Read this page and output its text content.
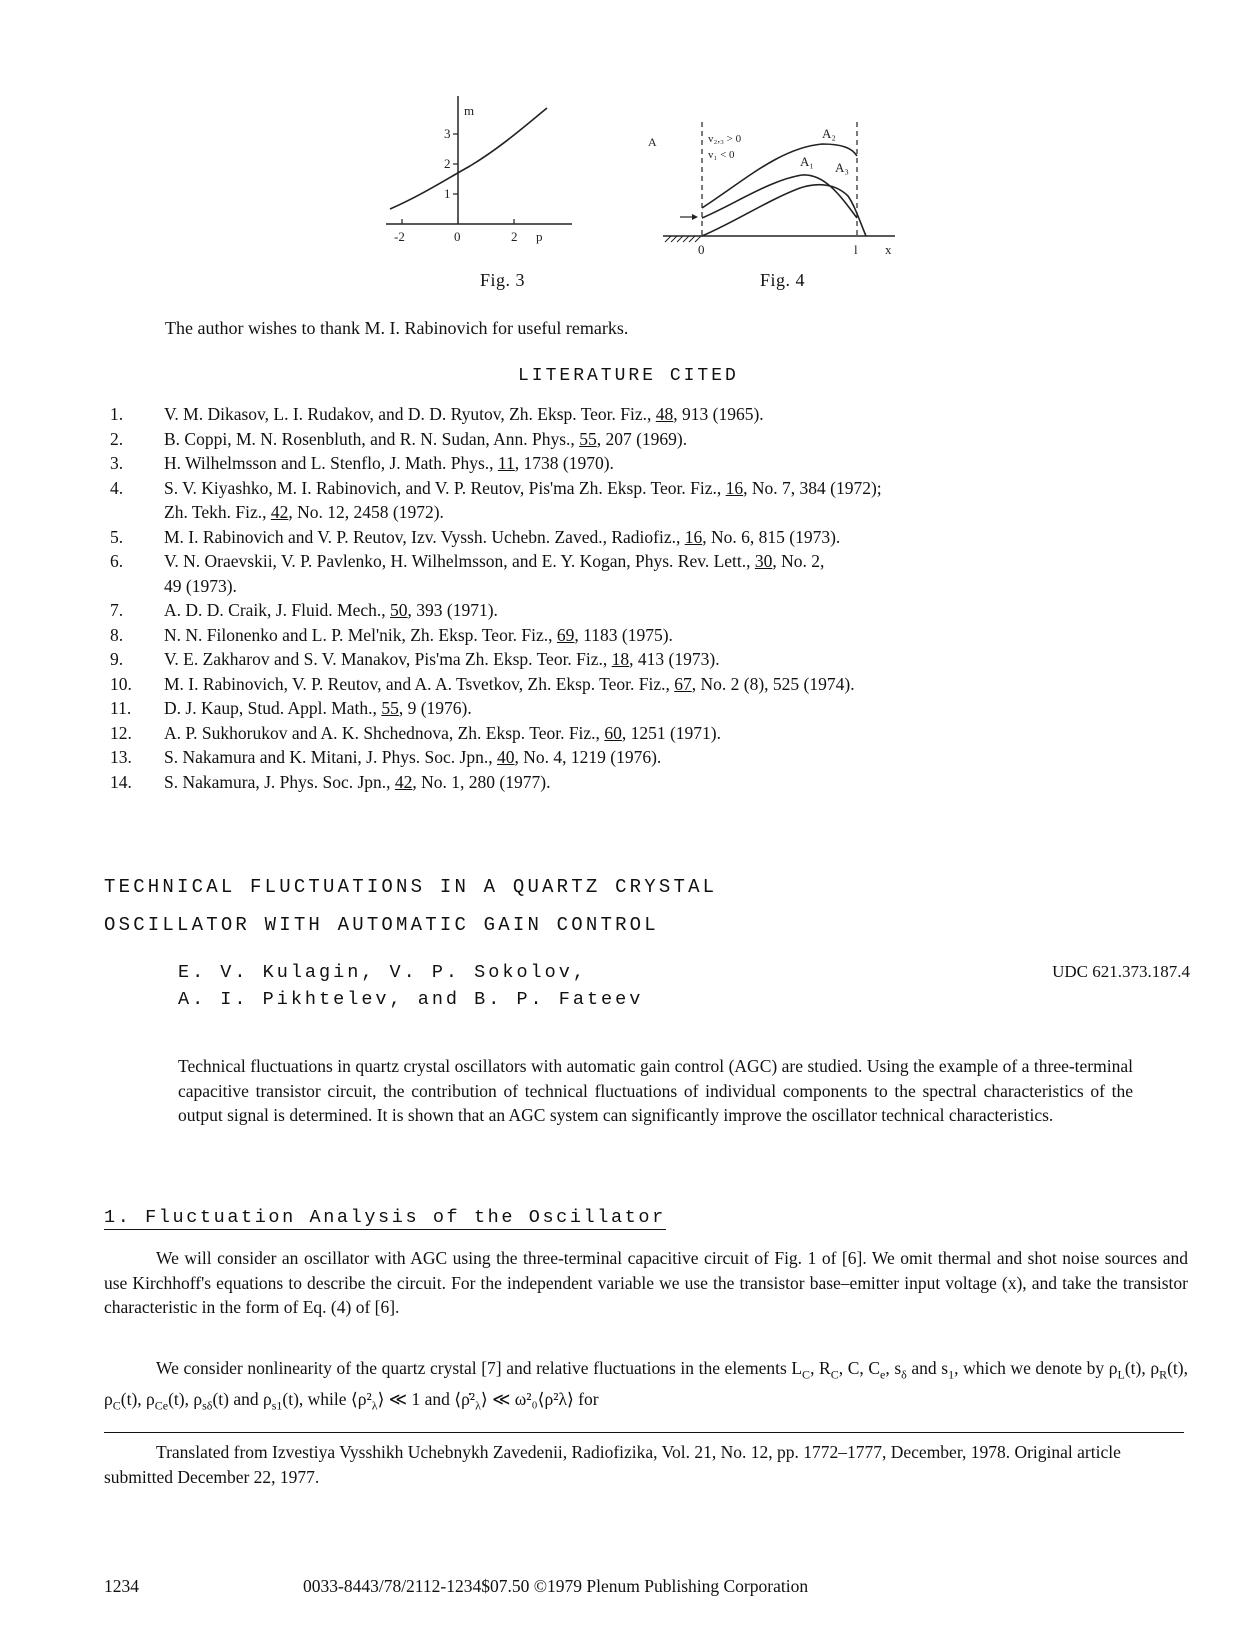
m
1
2
3
-2	0	2 p
Fig. 3
A	v₂,₃ > 0
v₁ < 0
A₂
A₁ A₃
0	l x
Fig. 4
The author wishes to thank M. I. Rabinovich for useful remarks.
LITERATURE CITED
1.	V. M. Dikasov, L. I. Rudakov, and D. D. Ryutov, Zh. Eksp. Teor. Fiz., 48, 913 (1965).
2.	B. Coppi, M. N. Rosenbluth, and R. N. Sudan, Ann. Phys., 55, 207 (1969).
3.	H. Wilhelmsson and L. Stenflo, J. Math. Phys., 11, 1738 (1970).
4.	S. V. Kiyashko, M. I. Rabinovich, and V. P. Reutov, Pis'ma Zh. Eksp. Teor. Fiz., 16, No. 7, 384 (1972);
Zh. Tekh. Fiz., 42, No. 12, 2458 (1972).
5.	M. I. Rabinovich and V. P. Reutov, Izv. Vyssh. Uchebn. Zaved., Radiofiz., 16, No. 6, 815 (1973).
6.	V. N. Oraevskii, V. P. Pavlenko, H. Wilhelmsson, and E. Y. Kogan, Phys. Rev. Lett., 30, No. 2,
49 (1973).
7.	A. D. D. Craik, J. Fluid. Mech., 50, 393 (1971).
8.	N. N. Filonenko and L. P. Mel'nik, Zh. Eksp. Teor. Fiz., 69, 1183 (1975).
9.	V. E. Zakharov and S. V. Manakov, Pis'ma Zh. Eksp. Teor. Fiz., 18, 413 (1973).
10.	M. I. Rabinovich, V. P. Reutov, and A. A. Tsvetkov, Zh. Eksp. Teor. Fiz., 67, No. 2 (8), 525 (1974).
11.	D. J. Kaup, Stud. Appl. Math., 55, 9 (1976).
12.	A. P. Sukhorukov and A. K. Shchednova, Zh. Eksp. Teor. Fiz., 60, 1251 (1971).
13.	S. Nakamura and K. Mitani, J. Phys. Soc. Jpn., 40, No. 4, 1219 (1976).
14.	S. Nakamura, J. Phys. Soc. Jpn., 42, No. 1, 280 (1977).
TECHNICAL FLUCTUATIONS IN A QUARTZ CRYSTAL
OSCILLATOR WITH AUTOMATIC GAIN CONTROL
E. V. Kulagin, V. P. Sokolov,
A. I. Pikhtelev, and B. P. Fateev
UDC 621.373.187.4
Technical fluctuations in quartz crystal oscillators with automatic gain control (AGC) are studied. Using the example of a three-terminal capacitive transistor circuit, the contribution of technical fluctuations of individual components to the spectral characteristics of the output signal is determined. It is shown that an AGC system can significantly improve the oscillator technical characteristics.
1. Fluctuation Analysis of the Oscillator
We will consider an oscillator with AGC using the three-terminal capacitive circuit of Fig. 1 of [6]. We omit thermal and shot noise sources and use Kirchhoff's equations to describe the circuit. For the independent variable we use the transistor base–emitter input voltage (x), and take the transistor characteristic in the form of Eq. (4) of [6].
We consider nonlinearity of the quartz crystal [7] and relative fluctuations in the elements $L_C$, $R_C$, C, $C_e$, $s_\delta$ and $s_1$, which we denote by $\rho_L(t)$, $\rho_R(t)$, $\rho_C(t)$, $\rho_{Ce}(t)$, $\rho_{s\delta}(t)$ and $\rho_{s1}(t)$, while $⟨\rho^2_\lambda⟩$ ≪ 1 and $⟨\rhȯ^2_\lambda⟩$ ≪ ω²₀⟨ρ²λ⟩ for
Translated from Izvestiya Vysshikh Uchebnykh Zavedenii, Radiofizika, Vol. 21, No. 12, pp. 1772–1777, December, 1978. Original article submitted December 22, 1977.
1234	0033-8443/78/2112-1234$07.50 ©1979 Plenum Publishing Corporation
